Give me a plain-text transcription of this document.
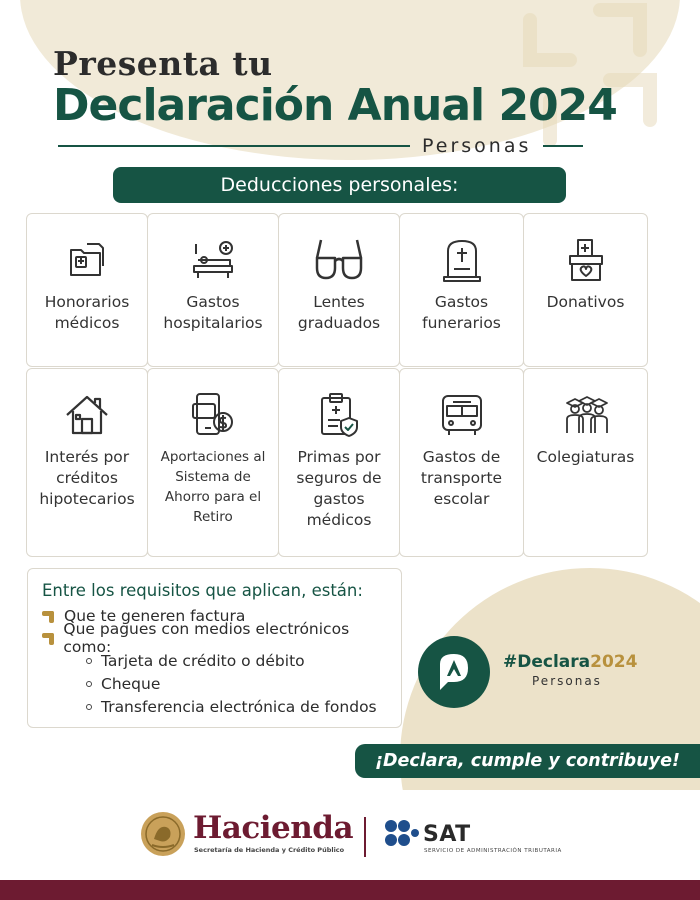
Presenta tu
Declaración Anual 2024
Personas
Deducciones personales:
Honorarios médicos
Gastos hospitalarios
Lentes graduados
Gastos funerarios
Donativos
Interés por créditos hipotecarios
Aportaciones al Sistema de Ahorro para el Retiro
Primas por seguros de gastos médicos
Gastos de transporte escolar
Colegiaturas
Entre los requisitos que aplican, están:
Que te generen factura
Que pagues con medios electrónicos como:
Tarjeta de crédito o débito
Cheque
Transferencia electrónica de fondos
#Declara2024
Personas
¡Declara, cumple y contribuye!
Hacienda
Secretaría de Hacienda y Crédito Público
SAT
SERVICIO DE ADMINISTRACIÓN TRIBUTARIA
